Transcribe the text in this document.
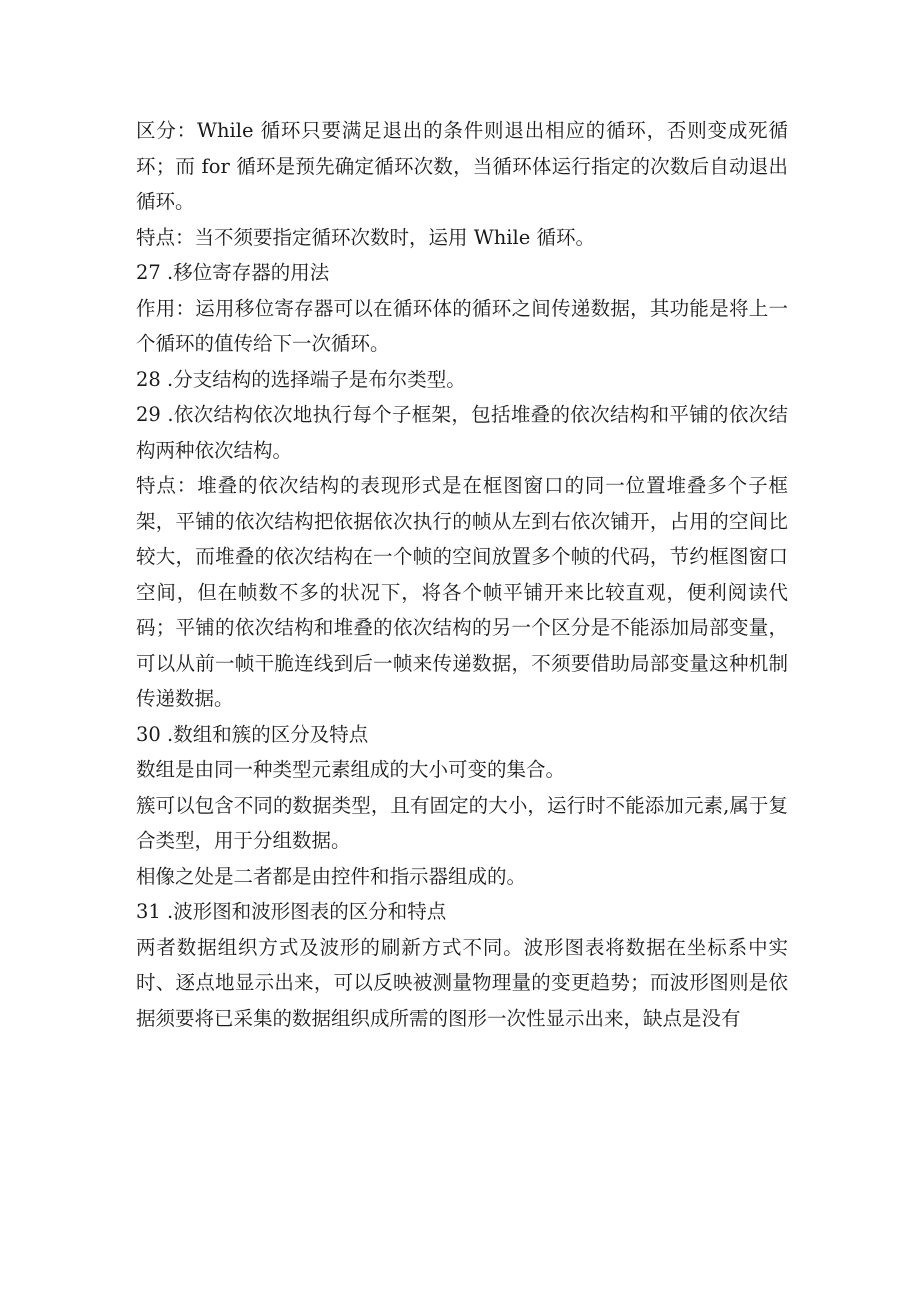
区分：While 循环只要满足退出的条件则退出相应的循环，否则变成死循环；而 for 循环是预先确定循环次数，当循环体运行指定的次数后自动退出循环。

特点：当不须要指定循环次数时，运用 While 循环。

27 .移位寄存器的用法

作用：运用移位寄存器可以在循环体的循环之间传递数据，其功能是将上一个循环的值传给下一次循环。

28 .分支结构的选择端子是布尔类型。

29 .依次结构依次地执行每个子框架，包括堆叠的依次结构和平铺的依次结构两种依次结构。

特点：堆叠的依次结构的表现形式是在框图窗口的同一位置堆叠多个子框架，平铺的依次结构把依据依次执行的帧从左到右依次铺开，占用的空间比较大，而堆叠的依次结构在一个帧的空间放置多个帧的代码，节约框图窗口空间，但在帧数不多的状况下，将各个帧平铺开来比较直观，便利阅读代码；平铺的依次结构和堆叠的依次结构的另一个区分是不能添加局部变量，可以从前一帧干脆连线到后一帧来传递数据，不须要借助局部变量这种机制传递数据。

30 .数组和簇的区分及特点

数组是由同一种类型元素组成的大小可变的集合。

簇可以包含不同的数据类型，且有固定的大小，运行时不能添加元素,属于复合类型，用于分组数据。

相像之处是二者都是由控件和指示器组成的。

31 .波形图和波形图表的区分和特点

两者数据组织方式及波形的刷新方式不同。波形图表将数据在坐标系中实时、逐点地显示出来，可以反映被测量物理量的变更趋势；而波形图则是依据须要将已采集的数据组织成所需的图形一次性显示出来，缺点是没有
